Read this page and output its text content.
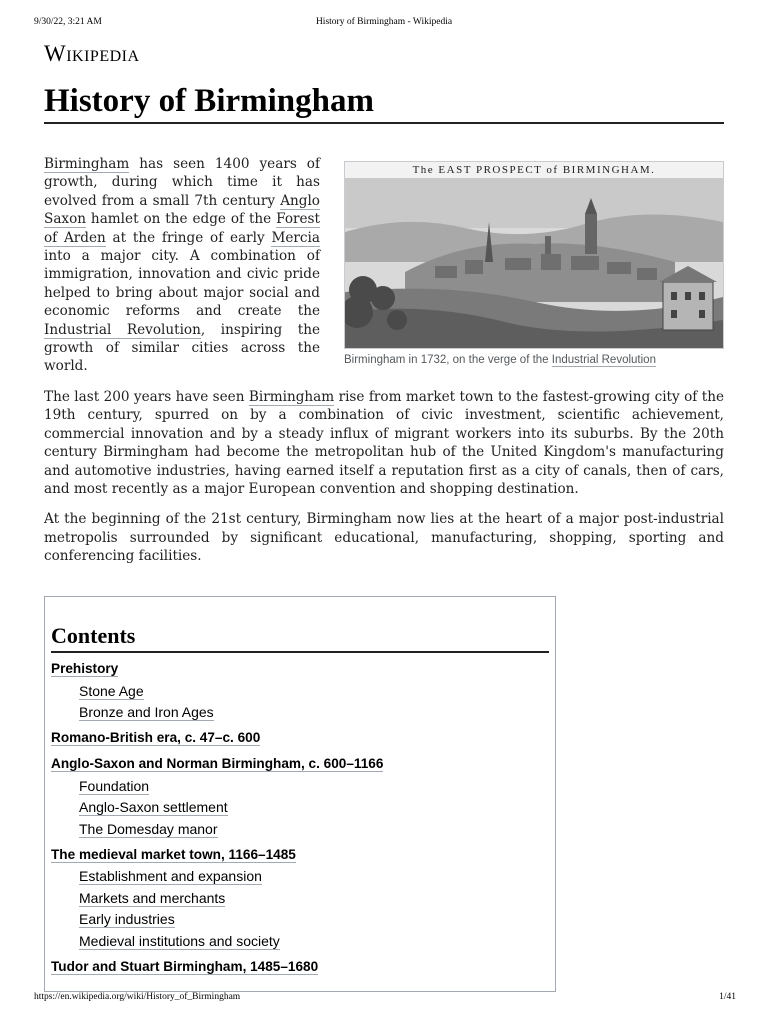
9/30/22, 3:21 AM	History of Birmingham - Wikipedia
Wikipedia
History of Birmingham
The EAST PROSPECT of BIRMINGHAM.
Birmingham in 1732, on the verge of the Industrial Revolution

Birmingham has seen 1400 years of growth, during which time it has evolved from a small 7th century Anglo Saxon hamlet on the edge of the Forest of Arden at the fringe of early Mercia into a major city. A combination of immigration, innovation and civic pride helped to bring about major social and economic reforms and create the Industrial Revolution, inspiring the growth of similar cities across the world.

The last 200 years have seen Birmingham rise from market town to the fastest-growing city of the 19th century, spurred on by a combination of civic investment, scientific achievement, commercial innovation and by a steady influx of migrant workers into its suburbs. By the 20th century Birmingham had become the metropolitan hub of the United Kingdom's manufacturing and automotive industries, having earned itself a reputation first as a city of canals, then of cars, and most recently as a major European convention and shopping destination.

At the beginning of the 21st century, Birmingham now lies at the heart of a major post-industrial metropolis surrounded by significant educational, manufacturing, shopping, sporting and conferencing facilities.

Contents
Prehistory
Stone Age
Bronze and Iron Ages
Romano-British era, c. 47–c. 600
Anglo-Saxon and Norman Birmingham, c. 600–1166
Foundation
Anglo-Saxon settlement
The Domesday manor
The medieval market town, 1166–1485
Establishment and expansion
Markets and merchants
Early industries
Medieval institutions and society
Tudor and Stuart Birmingham, 1485–1680
https://en.wikipedia.org/wiki/History_of_Birmingham	1/41
